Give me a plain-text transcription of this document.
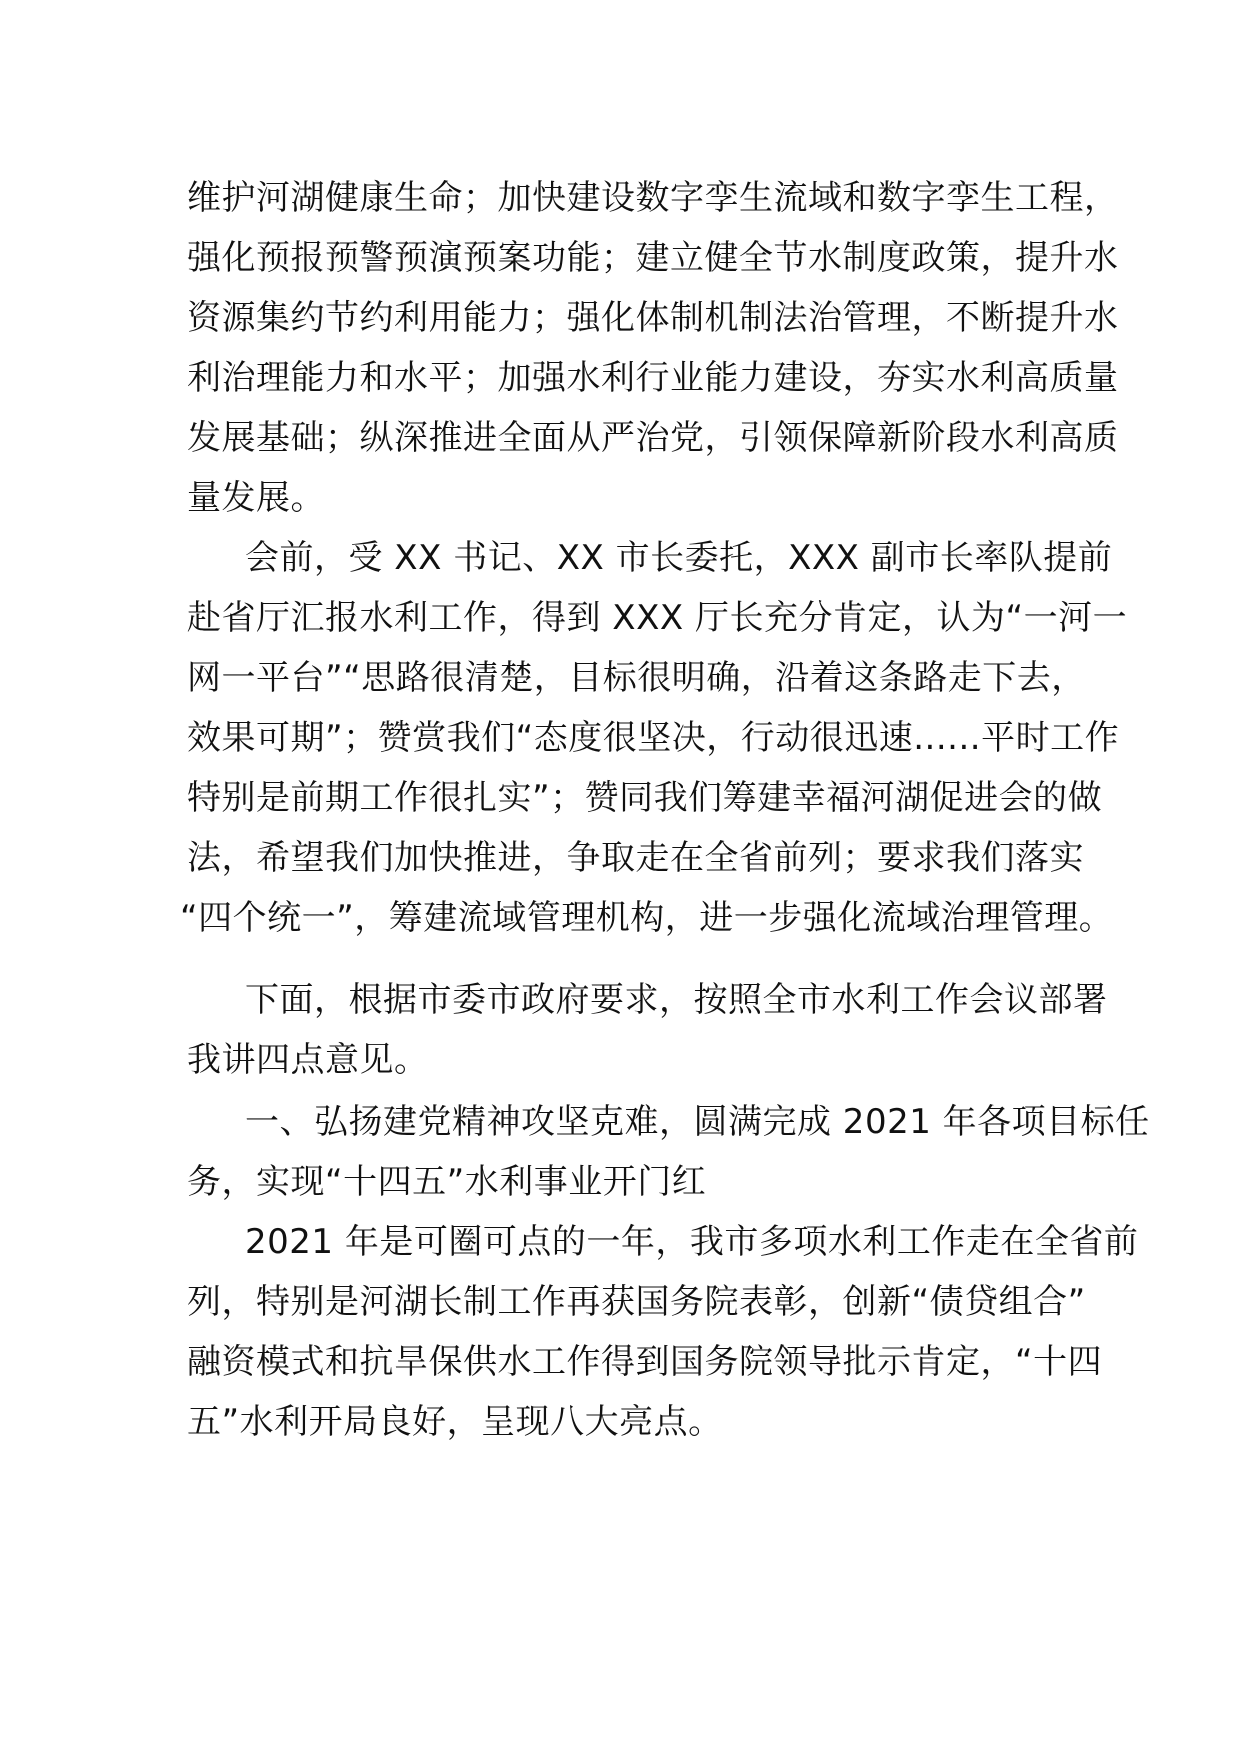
维护河湖健康生命；加快建设数字孪生流域和数字孪生工程，
强化预报预警预演预案功能；建立健全节水制度政策，提升水
资源集约节约利用能力；强化体制机制法治管理，不断提升水
利治理能力和水平；加强水利行业能力建设，夯实水利高质量
发展基础；纵深推进全面从严治党，引领保障新阶段水利高质
量发展。
会前，受 XX 书记、XX 市长委托，XXX 副市长率队提前
赴省厅汇报水利工作，得到 XXX 厅长充分肯定，认为“一河一
网一平台”“思路很清楚，目标很明确，沿着这条路走下去，
效果可期”；赞赏我们“态度很坚决，行动很迅速......平时工作
特别是前期工作很扎实”；赞同我们筹建幸福河湖促进会的做
法，希望我们加快推进，争取走在全省前列；要求我们落实
“四个统一”，筹建流域管理机构，进一步强化流域治理管理。
下面，根据市委市政府要求，按照全市水利工作会议部署
我讲四点意见。
一、弘扬建党精神攻坚克难，圆满完成 2021 年各项目标任
务，实现“十四五”水利事业开门红
2021 年是可圈可点的一年，我市多项水利工作走在全省前
列，特别是河湖长制工作再获国务院表彰，创新“债贷组合”
融资模式和抗旱保供水工作得到国务院领导批示肯定，“十四
五”水利开局良好，呈现八大亮点。
